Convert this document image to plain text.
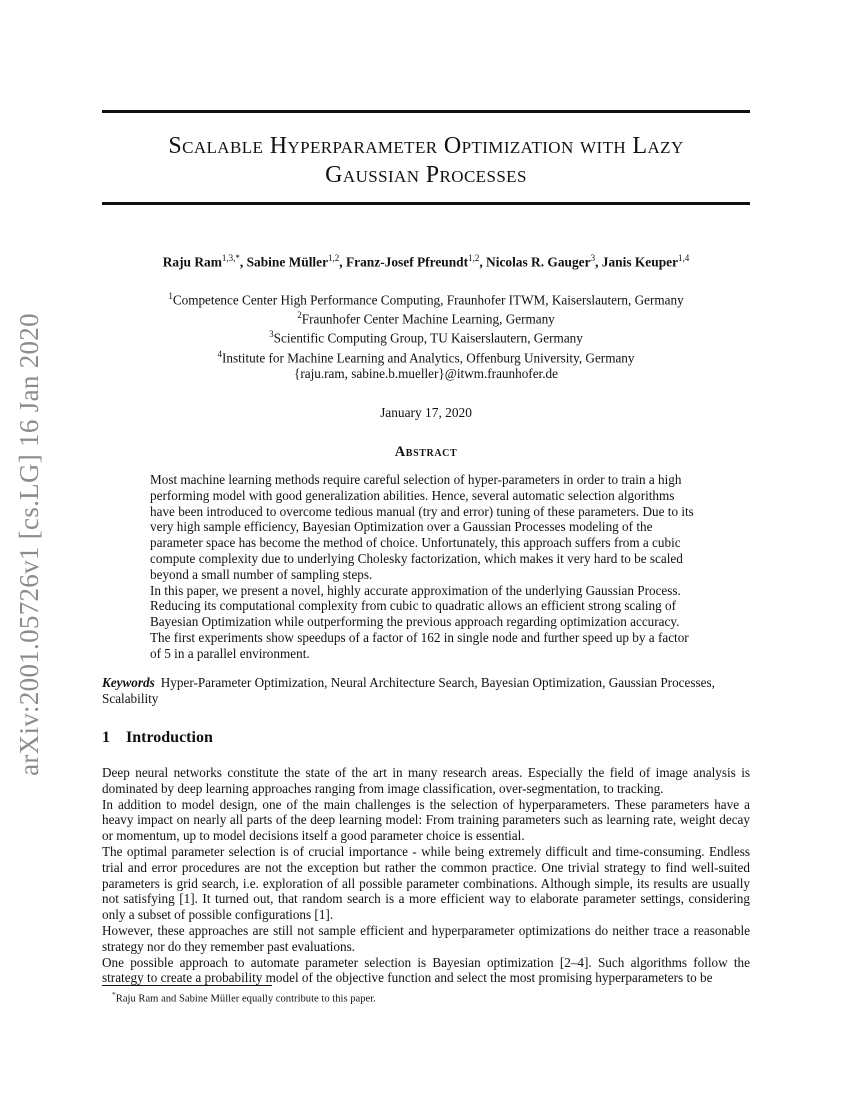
arXiv:2001.05726v1 [cs.LG] 16 Jan 2020
Scalable Hyperparameter Optimization with Lazy
Gaussian Processes
Raju Ram$^{1,3,*}$, Sabine Müller$^{1,2}$, Franz-Josef Pfreundt$^{1,2}$, Nicolas R. Gauger$^3$, Janis Keuper$^{1,4}$
$^1$Competence Center High Performance Computing, Fraunhofer ITWM, Kaiserslautern, Germany
$^2$Fraunhofer Center Machine Learning, Germany
$^3$Scientific Computing Group, TU Kaiserslautern, Germany
$^4$Institute for Machine Learning and Analytics, Offenburg University, Germany
{raju.ram, sabine.b.mueller}@itwm.fraunhofer.de
January 17, 2020
Abstract

Most machine learning methods require careful selection of hyper-parameters in order to train a high performing model with good generalization abilities. Hence, several automatic selection algorithms have been introduced to overcome tedious manual (try and error) tuning of these parameters. Due to its very high sample efficiency, Bayesian Optimization over a Gaussian Processes modeling of the parameter space has become the method of choice. Unfortunately, this approach suffers from a cubic compute complexity due to underlying Cholesky factorization, which makes it very hard to be scaled beyond a small number of sampling steps.

In this paper, we present a novel, highly accurate approximation of the underlying Gaussian Process. Reducing its computational complexity from cubic to quadratic allows an efficient strong scaling of Bayesian Optimization while outperforming the previous approach regarding optimization accuracy. The first experiments show speedups of a factor of 162 in single node and further speed up by a factor of 5 in a parallel environment.

Keywords Hyper-Parameter Optimization, Neural Architecture Search, Bayesian Optimization, Gaussian Processes, Scalability
1 Introduction

Deep neural networks constitute the state of the art in many research areas. Especially the field of image analysis is dominated by deep learning approaches ranging from image classification, over-segmentation, to tracking.

In addition to model design, one of the main challenges is the selection of hyperparameters. These parameters have a heavy impact on nearly all parts of the deep learning model: From training parameters such as learning rate, weight decay or momentum, up to model decisions itself a good parameter choice is essential.

The optimal parameter selection is of crucial importance - while being extremely difficult and time-consuming. Endless trial and error procedures are not the exception but rather the common practice. One trivial strategy to find well-suited parameters is grid search, i.e. exploration of all possible parameter combinations. Although simple, its results are usually not satisfying [1]. It turned out, that random search is a more efficient way to elaborate parameter settings, considering only a subset of possible configurations [1].

However, these approaches are still not sample efficient and hyperparameter optimizations do neither trace a reasonable strategy nor do they remember past evaluations.

One possible approach to automate parameter selection is Bayesian optimization [2–4]. Such algorithms follow the strategy to create a probability model of the objective function and select the most promising hyperparameters to be

*Raju Ram and Sabine Müller equally contribute to this paper.
